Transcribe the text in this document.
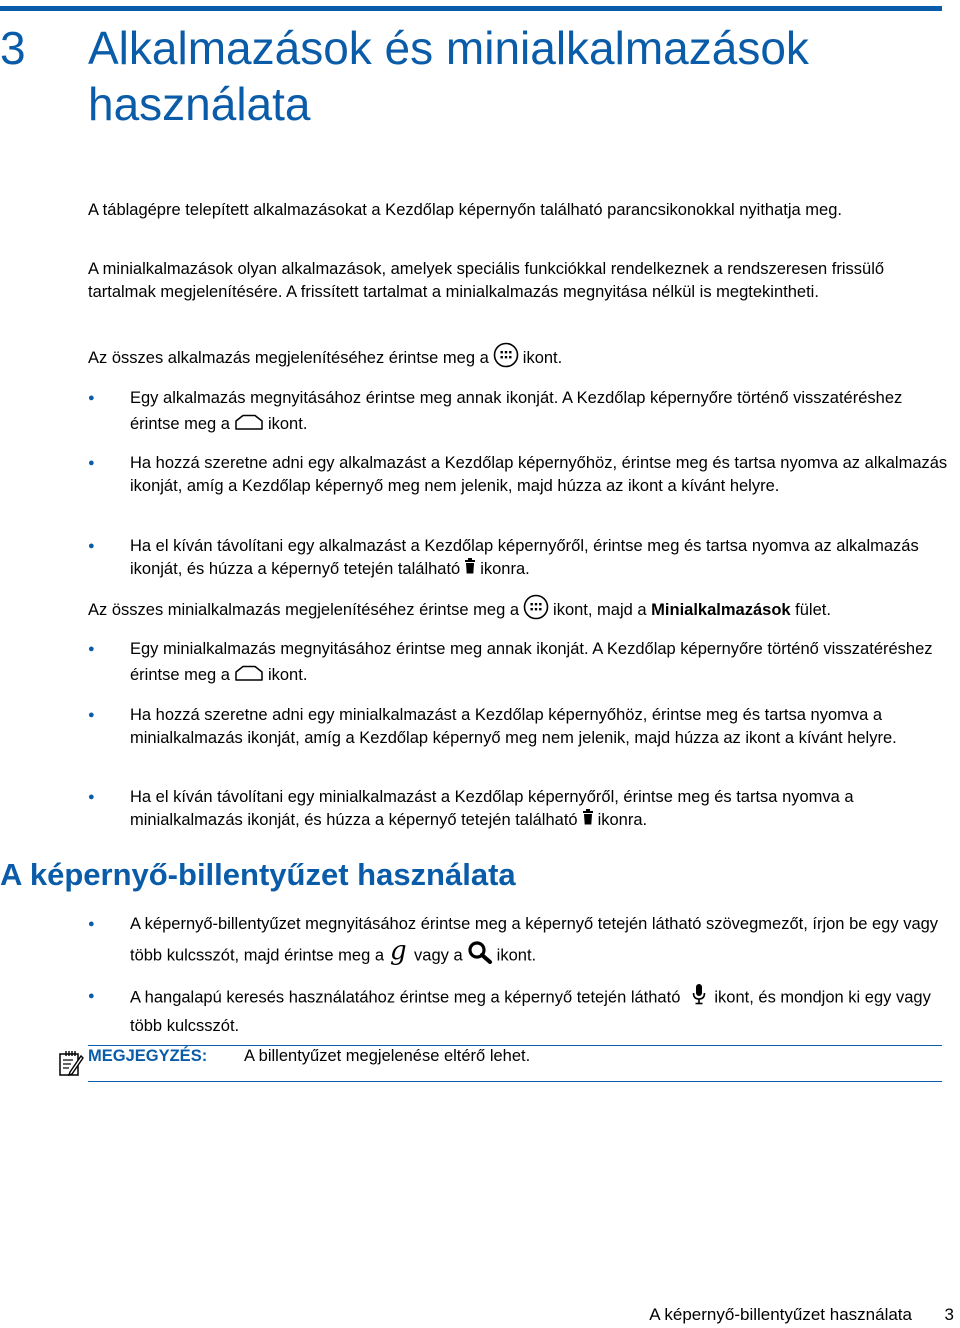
3 Alkalmazások és minialkalmazások használata

A táblagépre telepített alkalmazásokat a Kezdőlap képernyőn található parancsikonokkal nyithatja meg.

A minialkalmazások olyan alkalmazások, amelyek speciális funkciókkal rendelkeznek a rendszeresen frissülő tartalmak megjelenítésére. A frissített tartalmat a minialkalmazás megnyitása nélkül is megtekintheti.

Az összes alkalmazás megjelenítéséhez érintse meg a ikont.

● Egy alkalmazás megnyitásához érintse meg annak ikonját. A Kezdőlap képernyőre történő visszatéréshez érintse meg a ikont.
● Ha hozzá szeretne adni egy alkalmazást a Kezdőlap képernyőhöz, érintse meg és tartsa nyomva az alkalmazás ikonját, amíg a Kezdőlap képernyő meg nem jelenik, majd húzza az ikont a kívánt helyre.
● Ha el kíván távolítani egy alkalmazást a Kezdőlap képernyőről, érintse meg és tartsa nyomva az alkalmazás ikonját, és húzza a képernyő tetején található ikonra.

Az összes minialkalmazás megjelenítéséhez érintse meg a ikont, majd a Minialkalmazások fület.

● Egy minialkalmazás megnyitásához érintse meg annak ikonját. A Kezdőlap képernyőre történő visszatéréshez érintse meg a ikont.
● Ha hozzá szeretne adni egy minialkalmazást a Kezdőlap képernyőhöz, érintse meg és tartsa nyomva a minialkalmazás ikonját, amíg a Kezdőlap képernyő meg nem jelenik, majd húzza az ikont a kívánt helyre.
● Ha el kíván távolítani egy minialkalmazást a Kezdőlap képernyőről, érintse meg és tartsa nyomva a minialkalmazás ikonját, és húzza a képernyő tetején található ikonra.
A képernyő-billentyűzet használata
● A képernyő-billentyűzet megnyitásához érintse meg a képernyő tetején látható szövegmezőt, írjon be egy vagy több kulcsszót, majd érintse meg a g vagy a ikont.
● A hangalapú keresés használatához érintse meg a képernyő tetején látható ikont, és mondjon ki egy vagy több kulcsszót.
MEGJEGYZÉS: A billentyűzet megjelenése eltérő lehet.
A képernyő-billentyűzet használata 3
